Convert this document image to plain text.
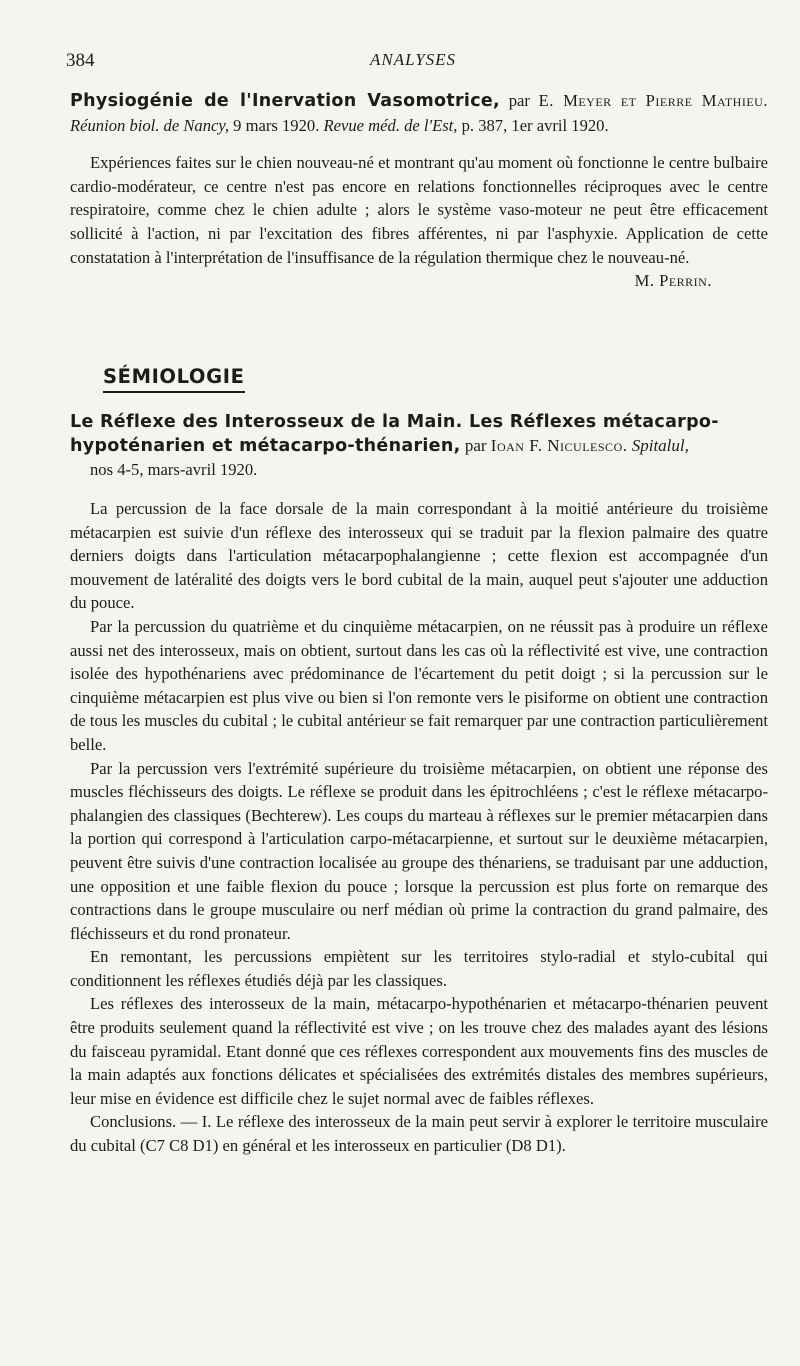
384	ANALYSES

Physiogénie de l'Inervation Vasomotrice, par E. Meyer et Pierre Mathieu. Réunion biol. de Nancy, 9 mars 1920. Revue méd. de l'Est, p. 387, 1er avril 1920.

Expériences faites sur le chien nouveau-né et montrant qu'au moment où fonctionne le centre bulbaire cardio-modérateur, ce centre n'est pas encore en relations fonctionnelles réciproques avec le centre respiratoire, comme chez le chien adulte ; alors le système vaso-moteur ne peut être efficacement sollicité à l'action, ni par l'excitation des fibres afférentes, ni par l'asphyxie. Application de cette constatation à l'interprétation de l'insuffisance de la régulation thermique chez le nouveau-né.

M. Perrin.

SÉMIOLOGIE

Le Réflexe des Interosseux de la Main. Les Réflexes métacarpo-hypoténarien et métacarpo-thénarien, par Ioan F. Niculesco. Spitalul,

nos 4-5, mars-avril 1920.

La percussion de la face dorsale de la main correspondant à la moitié antérieure du troisième métacarpien est suivie d'un réflexe des interosseux qui se traduit par la flexion palmaire des quatre derniers doigts dans l'articulation métacarpophalangienne ; cette flexion est accompagnée d'un mouvement de latéralité des doigts vers le bord cubital de la main, auquel peut s'ajouter une adduction du pouce.

Par la percussion du quatrième et du cinquième métacarpien, on ne réussit pas à produire un réflexe aussi net des interosseux, mais on obtient, surtout dans les cas où la réflectivité est vive, une contraction isolée des hypothénariens avec prédominance de l'écartement du petit doigt ; si la percussion sur le cinquième métacarpien est plus vive ou bien si l'on remonte vers le pisiforme on obtient une contraction de tous les muscles du cubital ; le cubital antérieur se fait remarquer par une contraction particulièrement belle.

Par la percussion vers l'extrémité supérieure du troisième métacarpien, on obtient une réponse des muscles fléchisseurs des doigts. Le réflexe se produit dans les épitrochléens ; c'est le réflexe métacarpo-phalangien des classiques (Bechterew). Les coups du marteau à réflexes sur le premier métacarpien dans la portion qui correspond à l'articulation carpo-métacarpienne, et surtout sur le deuxième métacarpien, peuvent être suivis d'une contraction localisée au groupe des thénariens, se traduisant par une adduction, une opposition et une faible flexion du pouce ; lorsque la percussion est plus forte on remarque des contractions dans le groupe musculaire ou nerf médian où prime la contraction du grand palmaire, des fléchisseurs et du rond pronateur.

En remontant, les percussions empiètent sur les territoires stylo-radial et stylo-cubital qui conditionnent les réflexes étudiés déjà par les classiques.

Les réflexes des interosseux de la main, métacarpo-hypothénarien et métacarpo-thénarien peuvent être produits seulement quand la réflectivité est vive ; on les trouve chez des malades ayant des lésions du faisceau pyramidal. Etant donné que ces réflexes correspondent aux mouvements fins des muscles de la main adaptés aux fonctions délicates et spécialisées des extrémités distales des membres supérieurs, leur mise en évidence est difficile chez le sujet normal avec de faibles réflexes.

Conclusions. — I. Le réflexe des interosseux de la main peut servir à explorer le territoire musculaire du cubital (C7 C8 D1) en général et les interosseux en particulier (D8 D1).
